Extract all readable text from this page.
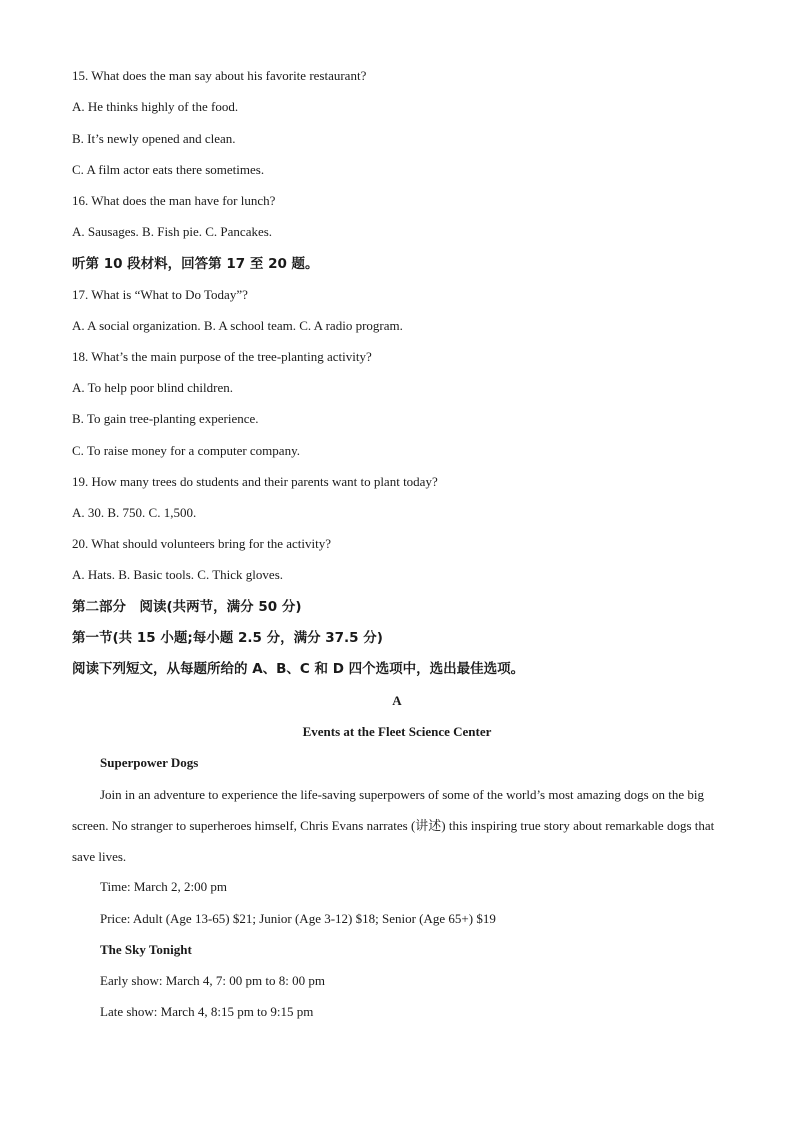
15. What does the man say about his favorite restaurant?
A. He thinks highly of the food.
B. It’s newly opened and clean.
C. A film actor eats there sometimes.
16. What does the man have for lunch?
A. Sausages. B. Fish pie. C. Pancakes.
听第 10 段材料，回答第 17 至 20 题。
17. What is “What to Do Today”?
A. A social organization. B. A school team. C. A radio program.
18. What’s the main purpose of the tree-planting activity?
A. To help poor blind children.
B. To gain tree-planting experience.
C. To raise money for a computer company.
19. How many trees do students and their parents want to plant today?
A. 30. B. 750. C. 1,500.
20. What should volunteers bring for the activity?
A. Hats. B. Basic tools. C. Thick gloves.
第二部分　阅读(共两节，满分 50 分)
第一节(共 15 小题;每小题 2.5 分，满分 37.5 分)
阅读下列短文，从每题所给的 A、B、C 和 D 四个选项中，选出最佳选项。
A
Events at the Fleet Science Center
Superpower Dogs
Join in an adventure to experience the life-saving superpowers of some of the world’s most amazing dogs on the big screen. No stranger to superheroes himself, Chris Evans narrates (讲述) this inspiring true story about remarkable dogs that save lives.
Time: March 2, 2:00 pm
Price: Adult (Age 13-65) $21; Junior (Age 3-12) $18; Senior (Age 65+) $19
The Sky Tonight
Early show: March 4, 7: 00 pm to 8: 00 pm
Late show: March 4, 8:15 pm to 9:15 pm
